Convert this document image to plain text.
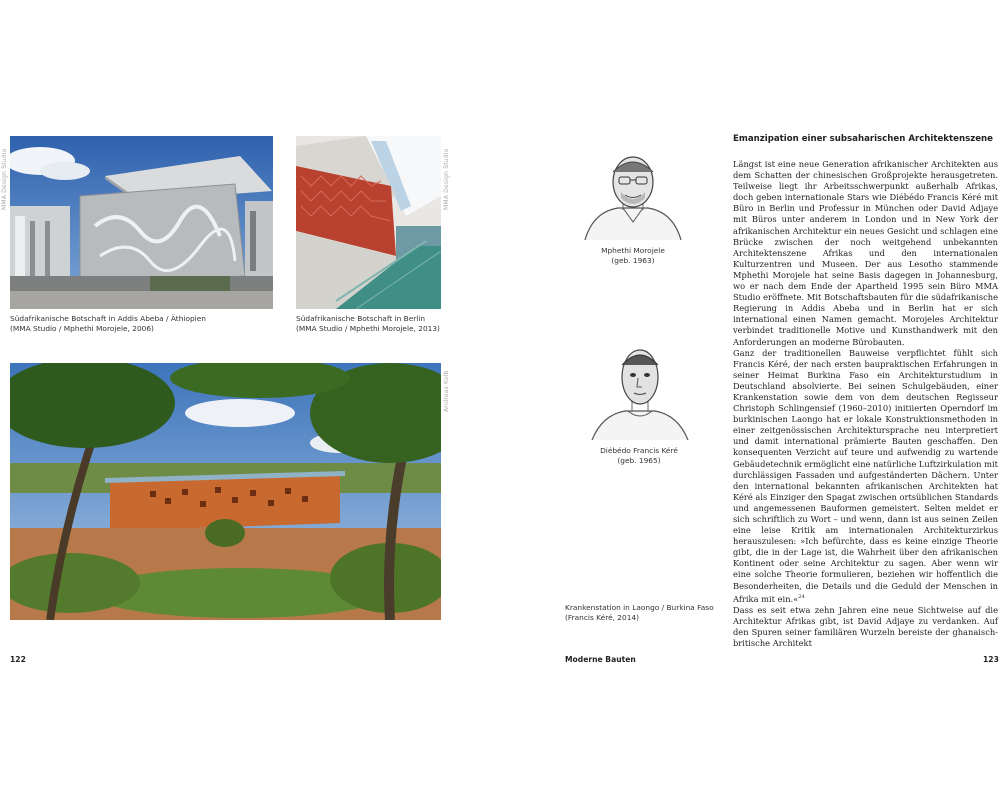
MMA Design Studio	MMA Design Studio
Südafrikanische Botschaft in Addis Abeba / Äthiopien
(MMA Studio / Mphethi Morojele, 2006)
Südafrikanische Botschaft in Berlin
(MMA Studio / Mphethi Morojele, 2013)
Andreas Kolb
122
Mphethi Morojele
(geb. 1963)
Diébédo Francis Kéré
(geb. 1965)
Krankenstation in Laongo / Burkina Faso
(Francis Kéré, 2014)
Emanzipation einer subsaharischen Architektenszene

Längst ist eine neue Generation afrikanischer Architekten aus dem Schatten der chinesischen Großprojekte herausgetreten. Teilweise liegt ihr Arbeitsschwerpunkt außerhalb Afrikas, doch geben internationale Stars wie Diébédo Francis Kéré mit Büro in Berlin und Professur in München oder David Adjaye mit Büros unter anderem in London und in New York der afrikanischen Architektur ein neues Gesicht und schlagen eine Brücke zwischen der noch weitgehend unbekannten Architektenszene Afrikas und den internationalen Kulturzentren und Museen. Der aus Lesotho stammende Mphethi Morojele hat seine Basis dagegen in Johannesburg, wo er nach dem Ende der Apartheid 1995 sein Büro MMA Studio eröffnete. Mit Botschaftsbauten für die südafrikanische Regierung in Addis Abeba und in Berlin hat er sich international einen Namen gemacht. Morojeles Architektur verbindet traditionelle Motive und Kunsthandwerk mit den Anforderungen an moderne Bürobauten.

Ganz der traditionellen Bauweise verpflichtet fühlt sich Francis Kéré, der nach ersten baupraktischen Erfahrungen in seiner Heimat Burkina Faso ein Architekturstudium in Deutschland absolvierte. Bei seinen Schulgebäuden, einer Krankenstation sowie dem von dem deutschen Regisseur Christoph Schlingensief (1960–2010) initiierten Operndorf im burkinischen Laongo hat er lokale Konstruktionsmethoden in einer zeitgenössischen Architektursprache neu interpretiert und damit international prämierte Bauten geschaffen. Den konsequenten Verzicht auf teure und aufwendig zu wartende Gebäudetechnik ermöglicht eine natürliche Luftzirkulation mit durchlässigen Fassaden und aufgeständerten Dächern. Unter den international bekannten afrikanischen Architekten hat Kéré als Einziger den Spagat zwischen ortsüblichen Standards und angemessenen Bauformen gemeistert. Selten meldet er sich schriftlich zu Wort – und wenn, dann ist aus seinen Zeilen eine leise Kritik am internationalen Architekturzirkus herauszulesen: »Ich befürchte, dass es keine einzige Theorie gibt, die in der Lage ist, die Wahrheit über den afrikanischen Kontinent oder seine Architektur zu sagen. Aber wenn wir eine solche Theorie formulieren, beziehen wir hoffentlich die Besonderheiten, die Details und die Geduld der Menschen in Afrika mit ein.«$^{24}$

Dass es seit etwa zehn Jahren eine neue Sichtweise auf die Architektur Afrikas gibt, ist David Adjaye zu verdanken. Auf den Spuren seiner familiären Wurzeln bereiste der ghanaisch-britische Architekt

Moderne Bauten	123
